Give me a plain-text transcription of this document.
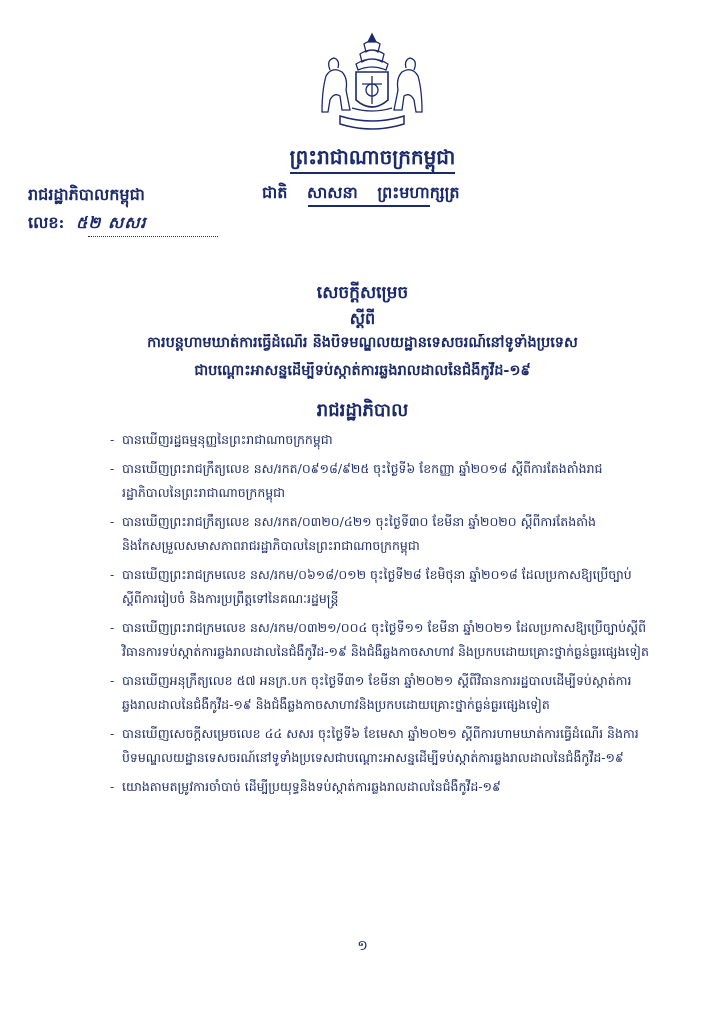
ព្រះរាជាណាចក្រកម្ពុជា
រាជរដ្ឋាភិបាលកម្ពុជា	ជាតិ សាសនា ព្រះមហាក្សត្រ
លេខ: ៥២ សសរ
សេចក្តីសម្រេច
ស្តីពី
ការបន្តហាមឃាត់ការធ្វើដំណើរ និងបិទមណ្ឌលយដ្ឋានទេសចរណ៍នៅទូទាំងប្រទេស
ជាបណ្តោះអាសន្នដើម្បីទប់ស្កាត់ការឆ្លងរាលដាលនៃជំងឺកូវីដ-១៩
រាជរដ្ឋាភិបាល
- បានឃើញរដ្ឋធម្មនុញ្ញនៃព្រះរាជាណាចក្រកម្ពុជា
- បានឃើញព្រះរាជក្រឹត្យលេខ នស/រកត/០៩១៨/៩២៥ ចុះថ្ងៃទី៦ ខែកញ្ញា ឆ្នាំ២០១៨ ស្តីពីការតែងតាំងរាជរដ្ឋាភិបាលនៃព្រះរាជាណាចក្រកម្ពុជា
- បានឃើញព្រះរាជក្រឹត្យលេខ នស/រកត/០៣២០/៤២១ ចុះថ្ងៃទី៣០ ខែមីនា ឆ្នាំ២០២០ ស្តីពីការតែងតាំង និងកែសម្រួលសមាសភាពរាជរដ្ឋាភិបាលនៃព្រះរាជាណាចក្រកម្ពុជា
- បានឃើញព្រះរាជក្រមលេខ នស/រកម/០៦១៨/០១២ ចុះថ្ងៃទី២៨ ខែមិថុនា ឆ្នាំ២០១៨ ដែលប្រកាសឱ្យប្រើច្បាប់ស្តីពីការរៀបចំ និងការប្រព្រឹត្តទៅនៃគណៈរដ្ឋមន្ត្រី
- បានឃើញព្រះរាជក្រមលេខ នស/រកម/០៣២១/០០៤ ចុះថ្ងៃទី១១ ខែមីនា ឆ្នាំ២០២១ ដែលប្រកាសឱ្យប្រើច្បាប់ស្តីពីវិធានការទប់ស្កាត់ការឆ្លងរាលដាលនៃជំងឺកូវីដ-១៩ និងជំងឺឆ្លងកាចសាហាវ និងប្រកបដោយគ្រោះថ្នាក់ធ្ងន់ធ្ងរផ្សេងទៀត
- បានឃើញអនុក្រឹត្យលេខ ៥៧ អនក្រ.បក ចុះថ្ងៃទី៣១ ខែមីនា ឆ្នាំ២០២១ ស្តីពីវិធានការរដ្ឋបាលដើម្បីទប់ស្កាត់ការឆ្លងរាលដាលនៃជំងឺកូវីដ-១៩ និងជំងឺឆ្លងកាចសាហាវនិងប្រកបដោយគ្រោះថ្នាក់ធ្ងន់ធ្ងរផ្សេងទៀត
- បានឃើញសេចក្តីសម្រេចលេខ ៤៤ សសរ ចុះថ្ងៃទី៦ ខែមេសា ឆ្នាំ២០២១ ស្តីពីការហាមឃាត់ការធ្វើដំណើរ និងការបិទមណ្ឌលយដ្ឋានទេសចរណ៍នៅទូទាំងប្រទេសជាបណ្តោះអាសន្នដើម្បីទប់ស្កាត់ការឆ្លងរាលដាលនៃជំងឺកូវីដ-១៩
- យោងតាមតម្រូវការចាំបាច់ ដើម្បីប្រយុទ្ធនិងទប់ស្កាត់ការឆ្លងរាលដាលនៃជំងឺកូវីដ-១៩
១
